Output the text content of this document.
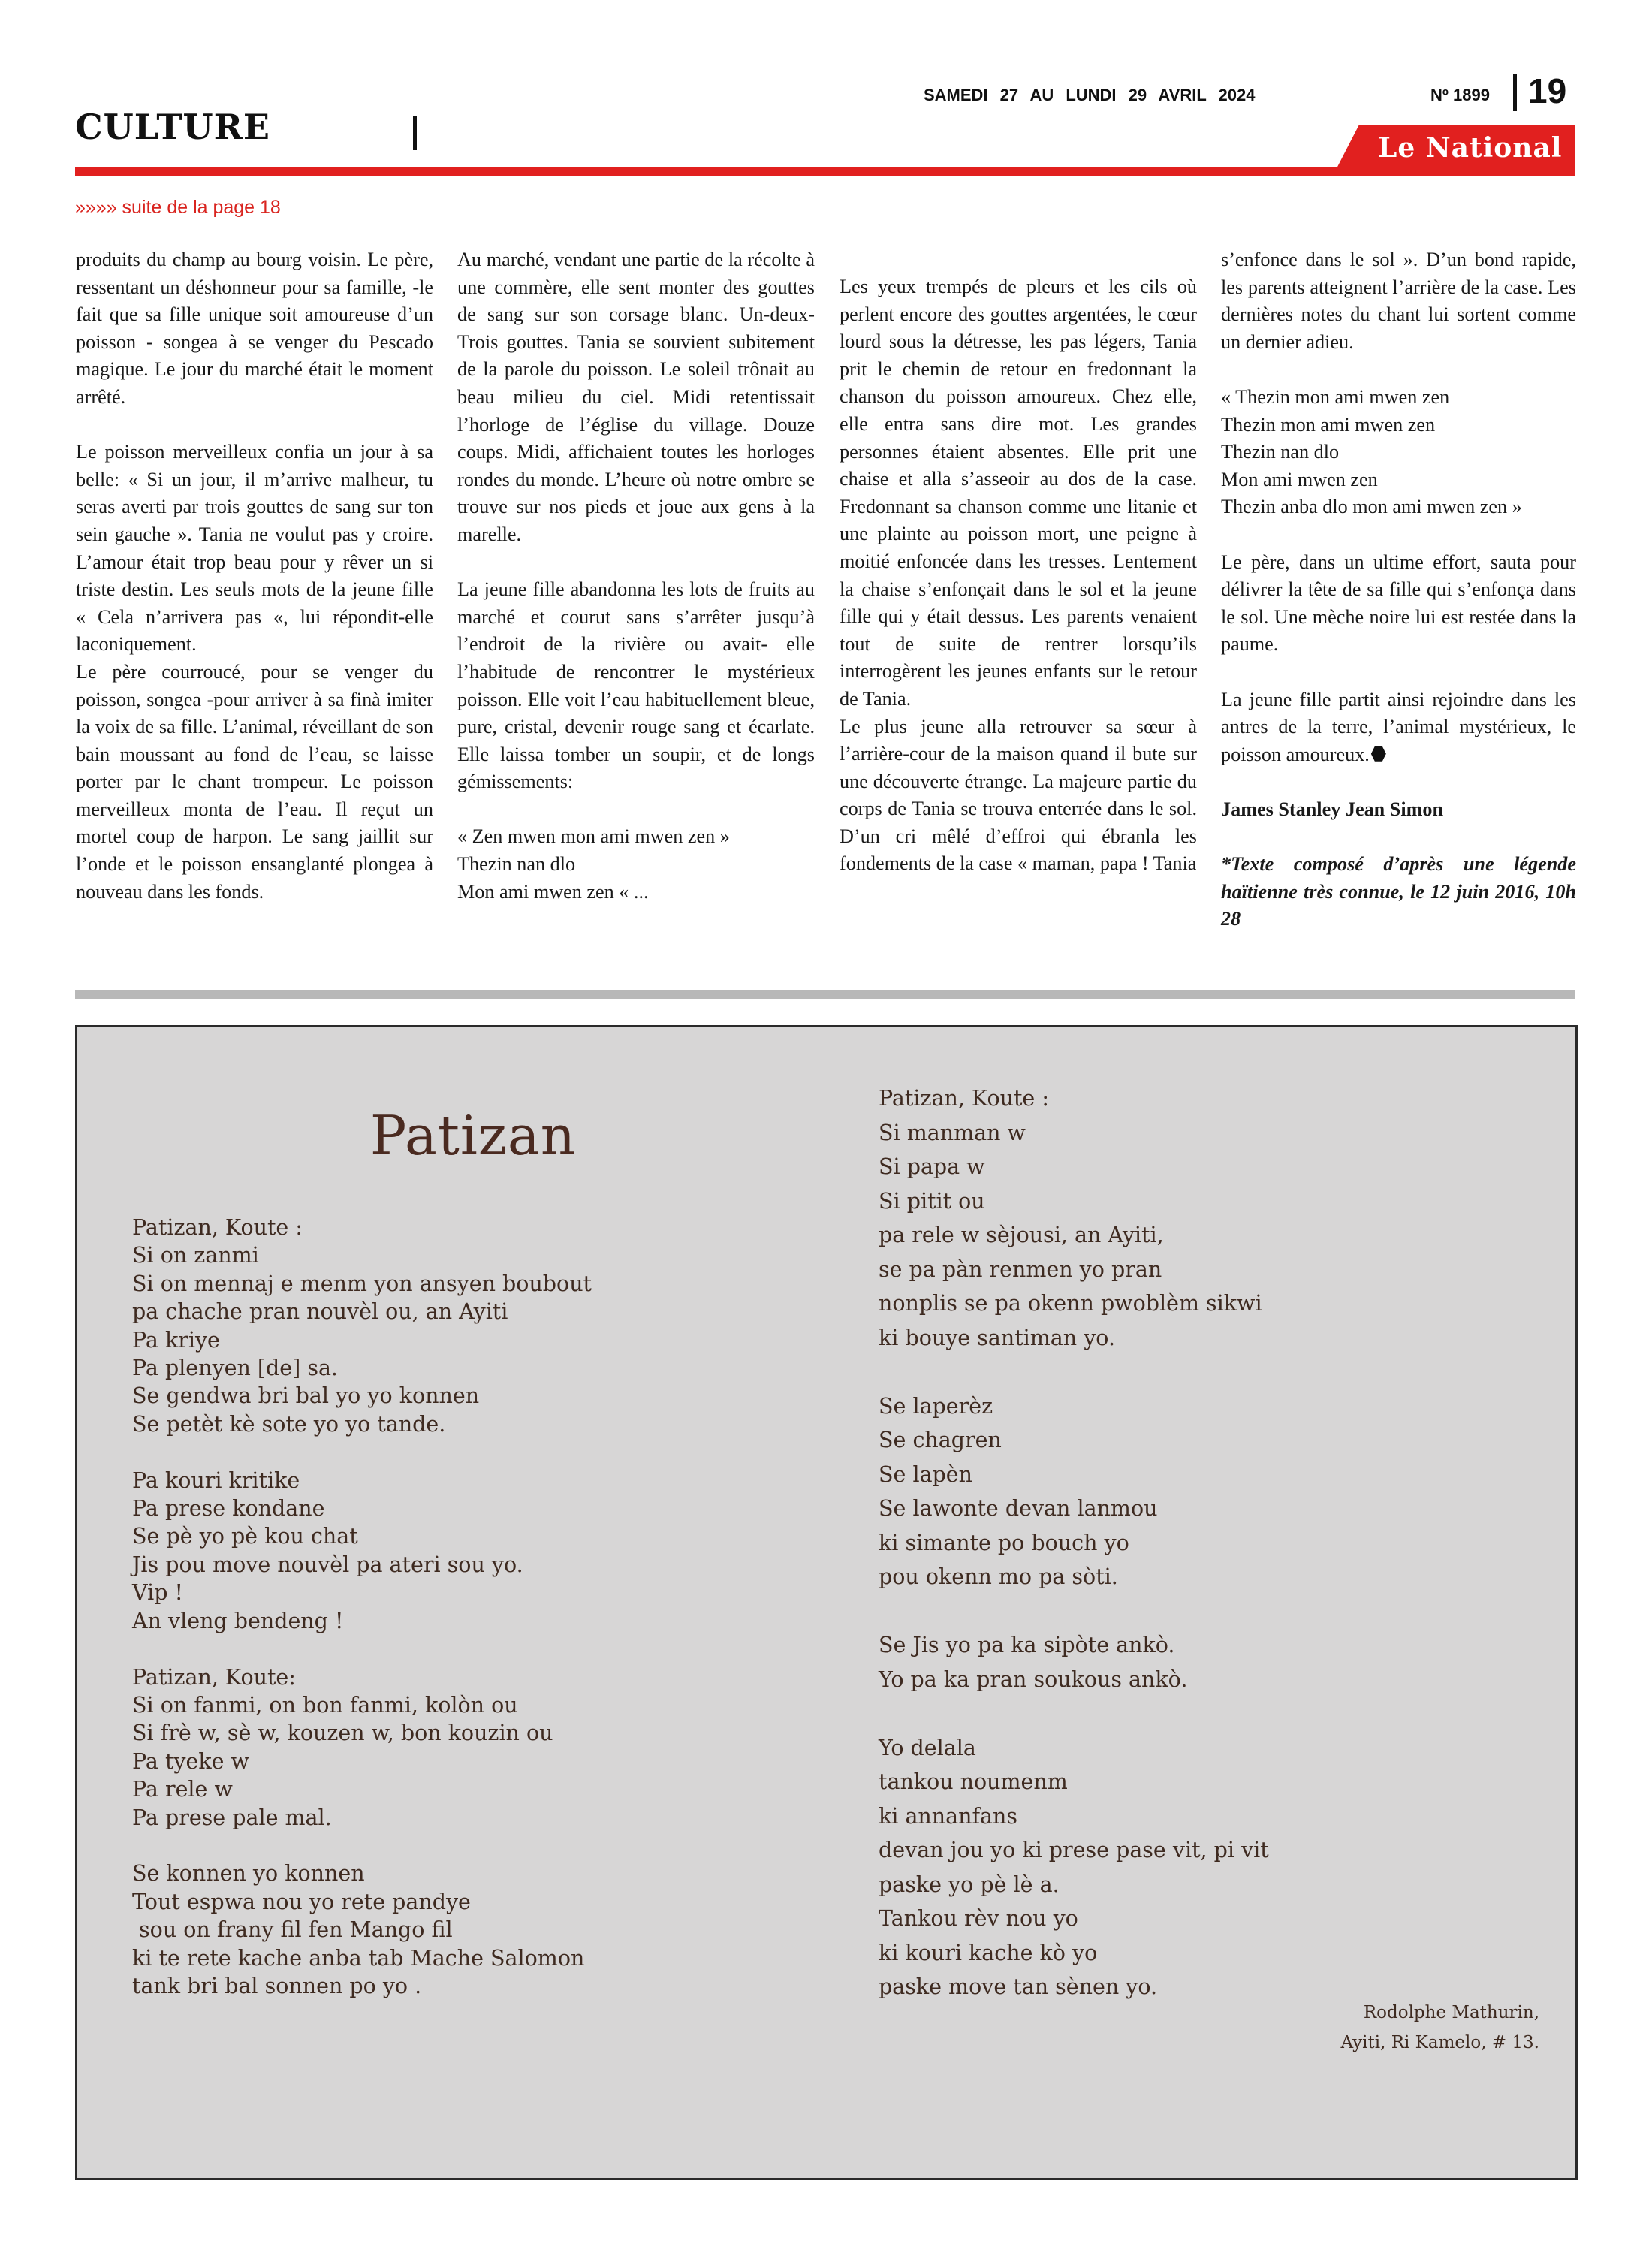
CULTURE
SAMEDI 27 AU LUNDI 29 AVRIL 2024	Nº 1899 19
Le National
»»»» suite de la page 18

produits du champ au bourg voisin. Le père, ressentant un déshonneur pour sa famille, -le fait que sa fille unique soit amoureuse d’un poisson - songea à se venger du Pescado magique. Le jour du marché était le moment arrêté.

Le poisson merveilleux confia un jour à sa belle: « Si un jour, il m’arrive malheur, tu seras averti par trois gouttes de sang sur ton sein gauche ». Tania ne voulut pas y croire. L’amour était trop beau pour y rêver un si triste destin. Les seuls mots de la jeune fille « Cela n’arrivera pas «, lui répondit-elle laconiquement.

Le père courroucé, pour se venger du poisson, songea -pour arriver à sa finà imiter la voix de sa fille. L’animal, réveillant de son bain moussant au fond de l’eau, se laisse porter par le chant trompeur. Le poisson merveilleux monta de l’eau. Il reçut un mortel coup de harpon. Le sang jaillit sur l’onde et le poisson ensanglanté plongea à nouveau dans les fonds.

Au marché, vendant une partie de la récolte à une commère, elle sent monter des gouttes de sang sur son corsage blanc. Un-deux-Trois gouttes. Tania se souvient subitement de la parole du poisson. Le soleil trônait au beau milieu du ciel. Midi retentissait l’horloge de l’église du village. Douze coups. Midi, affichaient toutes les horloges rondes du monde. L’heure où notre ombre se trouve sur nos pieds et joue aux gens à la marelle.

La jeune fille abandonna les lots de fruits au marché et courut sans s’arrêter jusqu’à l’endroit de la rivière ou avait- elle l’habitude de rencontrer le mystérieux poisson. Elle voit l’eau habituellement bleue, pure, cristal, devenir rouge sang et écarlate. Elle laissa tomber un soupir, et de longs gémissements:

« Zen mwen mon ami mwen zen »

Thezin nan dlo

Mon ami mwen zen « ...

Les yeux trempés de pleurs et les cils où perlent encore des gouttes argentées, le cœur lourd sous la détresse, les pas légers, Tania prit le chemin de retour en fredonnant la chanson du poisson amoureux. Chez elle, elle entra sans dire mot. Les grandes personnes étaient absentes. Elle prit une chaise et alla s’asseoir au dos de la case. Fredonnant sa chanson comme une litanie et une plainte au poisson mort, une peigne à moitié enfoncée dans les tresses. Lentement la chaise s’enfonçait dans le sol et la jeune fille qui y était dessus. Les parents venaient tout de suite de rentrer lorsqu’ils interrogèrent les jeunes enfants sur le retour de Tania.

Le plus jeune alla retrouver sa sœur à l’arrière-cour de la maison quand il bute sur une découverte étrange. La majeure partie du corps de Tania se trouva enterrée dans le sol. D’un cri mêlé d’effroi qui ébranla les fondements de la case « maman, papa ! Tania

s’enfonce dans le sol ». D’un bond rapide, les parents atteignent l’arrière de la case. Les dernières notes du chant lui sortent comme un dernier adieu.

« Thezin mon ami mwen zen

Thezin mon ami mwen zen

Thezin nan dlo

Mon ami mwen zen

Thezin anba dlo mon ami mwen zen »

Le père, dans un ultime effort, sauta pour délivrer la tête de sa fille qui s’enfonça dans le sol. Une mèche noire lui est restée dans la paume.

La jeune fille partit ainsi rejoindre dans les antres de la terre, l’animal mystérieux, le poisson amoureux.

James Stanley Jean Simon

*Texte composé d’après une légende haïtienne très connue, le 12 juin 2016, 10h 28

Patizan
Patizan, Koute :
Si on zanmi
Si on mennaj e menm yon ansyen boubout
pa chache pran nouvèl ou, an Ayiti
Pa kriye
Pa plenyen [de] sa.
Se gendwa bri bal yo yo konnen
Se petèt kè sote yo yo tande.

Pa kouri kritike
Pa prese kondane
Se pè yo pè kou chat
Jis pou move nouvèl pa ateri sou yo.
Vip !
An vleng bendeng !

Patizan, Koute:
Si on fanmi, on bon fanmi, kolòn ou
Si frè w, sè w, kouzen w, bon kouzin ou
Pa tyeke w
Pa rele w
Pa prese pale mal.

Se konnen yo konnen
Tout espwa nou yo rete pandye
sou on frany fil fen Mango fil
ki te rete kache anba tab Mache Salomon
tank bri bal sonnen po yo .
Patizan, Koute :
Si manman w
Si papa w
Si pitit ou
pa rele w sèjousi, an Ayiti,
se pa pàn renmen yo pran
nonplis se pa okenn pwoblèm sikwi
ki bouye santiman yo.

Se laperèz
Se chagren
Se lapèn
Se lawonte devan lanmou
ki simante po bouch yo
pou okenn mo pa sòti.

Se Jis yo pa ka sipòte ankò.
Yo pa ka pran soukous ankò.

Yo delala
tankou noumenm
ki annanfans
devan jou yo ki prese pase vit, pi vit
paske yo pè lè a.
Tankou rèv nou yo
ki kouri kache kò yo
paske move tan sènen yo.
Rodolphe Mathurin,
Ayiti, Ri Kamelo, # 13.
